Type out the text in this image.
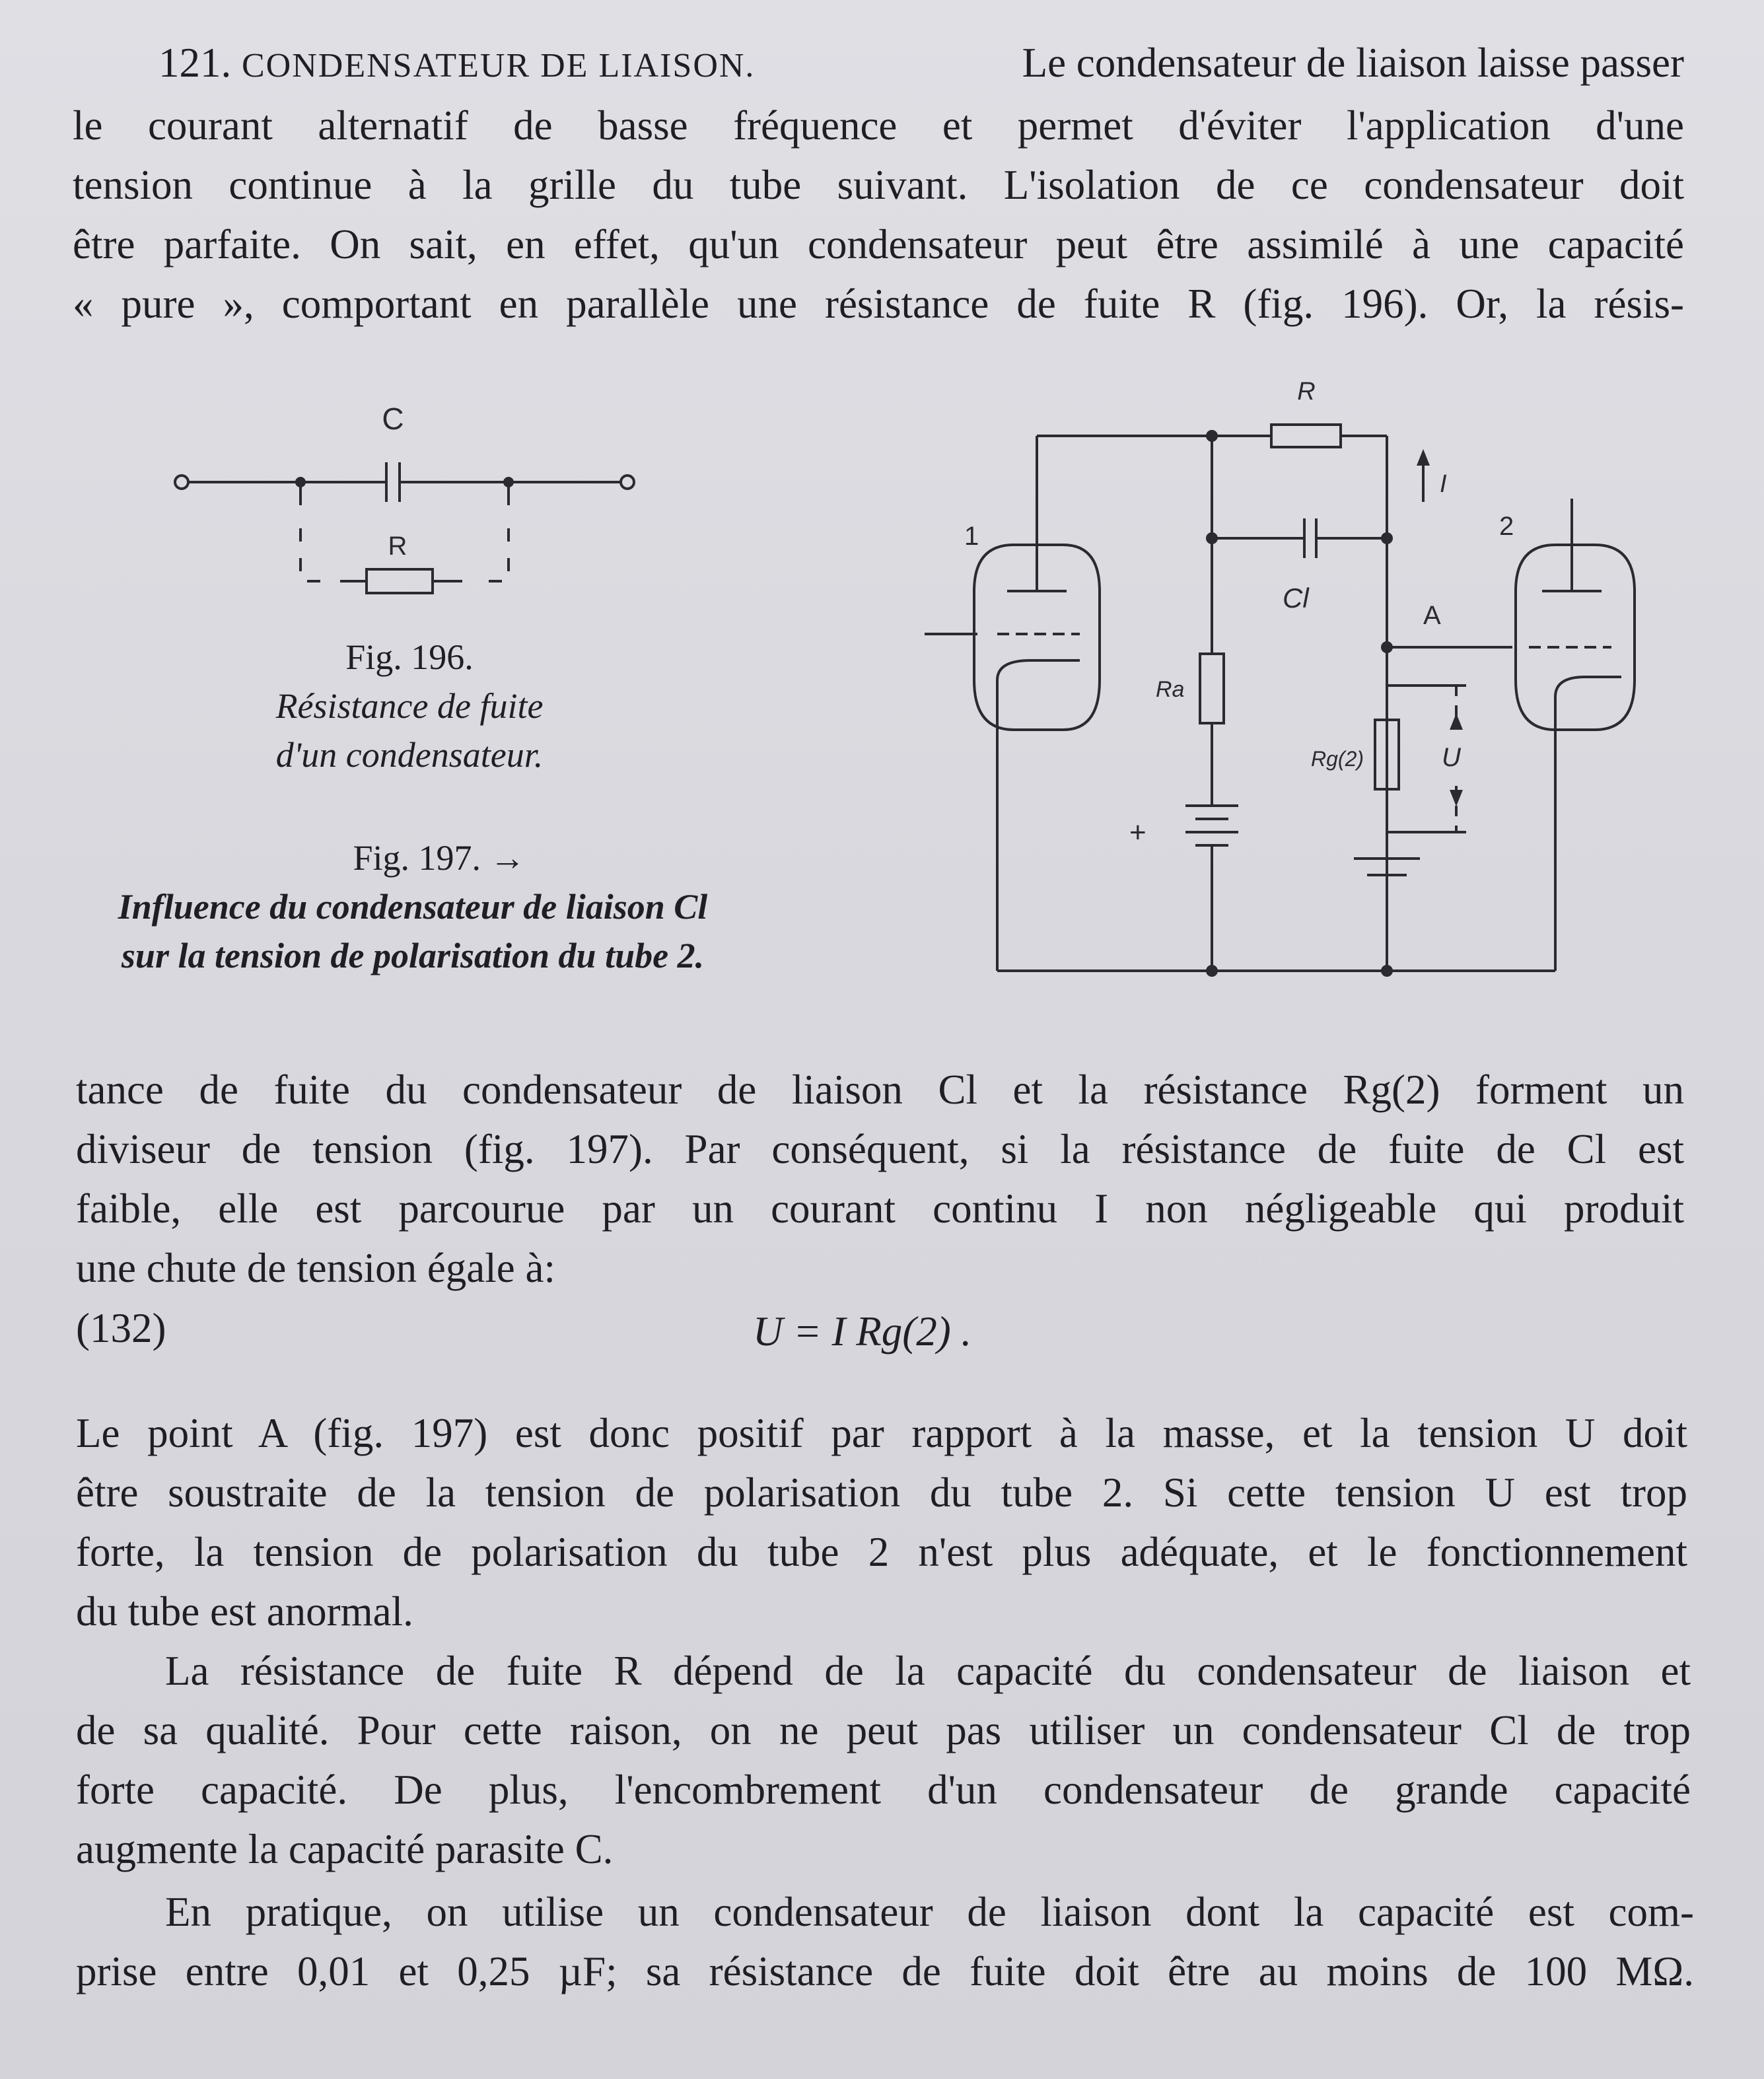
121. CONDENSATEUR DE LIAISON.	Le condensateur de liaison laisse passer
le courant alternatif de basse fréquence et permet d'éviter l'application d'une
tension continue à la grille du tube suivant. L'isolation de ce condensateur doit
être parfaite. On sait, en effet, qu'un condensateur peut être assimilé à une capacité
« pure », comportant en parallèle une résistance de fuite R (fig. 196). Or, la résis-
C
R
Fig. 196.
Résistance de fuite
d'un condensateur.
Fig. 197. →
Influence du condensateur de liaison Cl
sur la tension de polarisation du tube 2.
R
I
1	2
Cl
A
Ra
Rg(2)	U
+
tance de fuite du condensateur de liaison Cl et la résistance Rg(2) forment un
diviseur de tension (fig. 197). Par conséquent, si la résistance de fuite de Cl est
faible, elle est parcourue par un courant continu I non négligeable qui produit
une chute de tension égale à:
(132)	U = I Rg(2) .
Le point A (fig. 197) est donc positif par rapport à la masse, et la tension U doit
être soustraite de la tension de polarisation du tube 2. Si cette tension U est trop
forte, la tension de polarisation du tube 2 n'est plus adéquate, et le fonctionnement
du tube est anormal.
La résistance de fuite R dépend de la capacité du condensateur de liaison et
de sa qualité. Pour cette raison, on ne peut pas utiliser un condensateur Cl de trop
forte capacité. De plus, l'encombrement d'un condensateur de grande capacité
augmente la capacité parasite C.
En pratique, on utilise un condensateur de liaison dont la capacité est com-
prise entre 0,01 et 0,25 µF; sa résistance de fuite doit être au moins de 100 MΩ.
